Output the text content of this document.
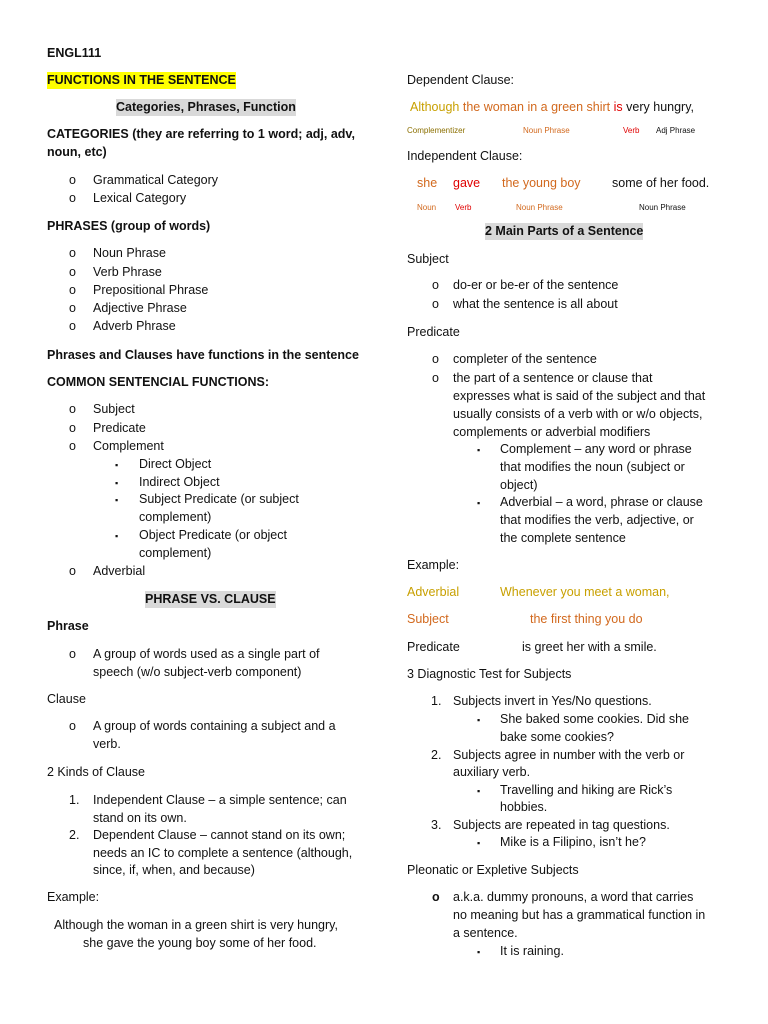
ENGL111
FUNCTIONS IN THE SENTENCE
Categories, Phrases, Function
CATEGORIES (they are referring to 1 word; adj, adv,
noun, etc)
o Grammatical Category
o Lexical Category
PHRASES (group of words)
o Noun Phrase
o Verb Phrase
o Prepositional Phrase
o Adjective Phrase
o Adverb Phrase
Phrases and Clauses have functions in the sentence
COMMON SENTENCIAL FUNCTIONS:
o Subject
o Predicate
o Complement
▪ Direct Object
▪ Indirect Object
▪ Subject Predicate (or subject
complement)
▪ Object Predicate (or object
complement)
o Adverbial
PHRASE VS. CLAUSE
Phrase
o A group of words used as a single part of
speech (w/o subject-verb component)
Clause
o A group of words containing a subject and a
verb.
2 Kinds of Clause
1. Independent Clause – a simple sentence; can
stand on its own.
2. Dependent Clause – cannot stand on its own;
needs an IC to complete a sentence (although,
since, if, when, and because)
Example:
Although the woman in a green shirt is very hungry,
she gave the young boy some of her food.
Dependent Clause:
Although the woman in a green shirt is very hungry,
Complementizer	Noun Phrase	Verb Adj Phrase
Independent Clause:
she gave the young boy	some of her food.
Noun Verb	Noun Phrase	Noun Phrase
2 Main Parts of a Sentence
Subject
o do-er or be-er of the sentence
o what the sentence is all about
Predicate
o completer of the sentence
o the part of a sentence or clause that
expresses what is said of the subject and that
usually consists of a verb with or w/o objects,
complements or adverbial modifiers
▪ Complement – any word or phrase
that modifies the noun (subject or
object)
▪ Adverbial – a word, phrase or clause
that modifies the verb, adjective, or
the complete sentence
Example:
Adverbial	Whenever you meet a woman,
Subject	the first thing you do
Predicate	is greet her with a smile.
3 Diagnostic Test for Subjects
1. Subjects invert in Yes/No questions.
▪ She baked some cookies. Did she
bake some cookies?
2. Subjects agree in number with the verb or
auxiliary verb.
▪ Travelling and hiking are Rick’s
hobbies.
3. Subjects are repeated in tag questions.
▪ Mike is a Filipino, isn’t he?
Pleonatic or Expletive Subjects
o a.k.a. dummy pronouns, a word that carries
no meaning but has a grammatical function in
a sentence.
▪ It is raining.
